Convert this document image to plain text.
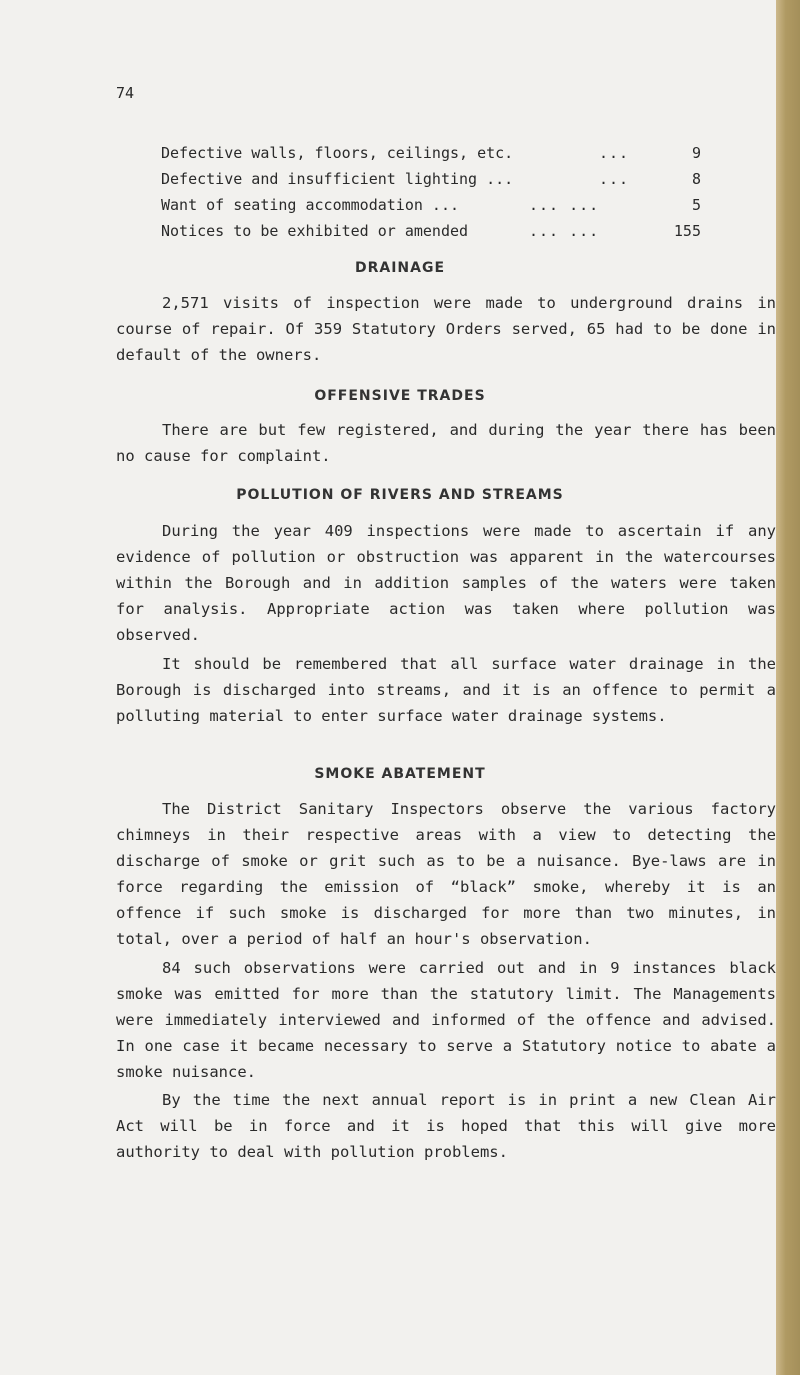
74
Defective walls, floors, ceilings, etc.	...	9
Defective and insufficient lighting ...	...	8
Want of seating accommodation ...	... ...	5
Notices to be exhibited or amended	... ...	155
DRAINAGE
2,571 visits of inspection were made to underground drains in course of repair. Of 359 Statutory Orders served, 65 had to be done in default of the owners.
OFFENSIVE TRADES
There are but few registered, and during the year there has been no cause for complaint.
POLLUTION OF RIVERS AND STREAMS
During the year 409 inspections were made to ascertain if any evidence of pollution or obstruction was apparent in the watercourses within the Borough and in addition samples of the waters were taken for analysis. Appropriate action was taken where pollution was observed.
It should be remembered that all surface water drainage in the Borough is discharged into streams, and it is an offence to permit a polluting material to enter surface water drainage systems.
SMOKE ABATEMENT
The District Sanitary Inspectors observe the various factory chimneys in their respective areas with a view to detecting the discharge of smoke or grit such as to be a nuisance. Bye-laws are in force regarding the emission of “black” smoke, whereby it is an offence if such smoke is discharged for more than two minutes, in total, over a period of half an hour's observation.
84 such observations were carried out and in 9 instances black smoke was emitted for more than the statutory limit. The Managements were immediately interviewed and informed of the offence and advised. In one case it became necessary to serve a Statutory notice to abate a smoke nuisance.
By the time the next annual report is in print a new Clean Air Act will be in force and it is hoped that this will give more authority to deal with pollution problems.
